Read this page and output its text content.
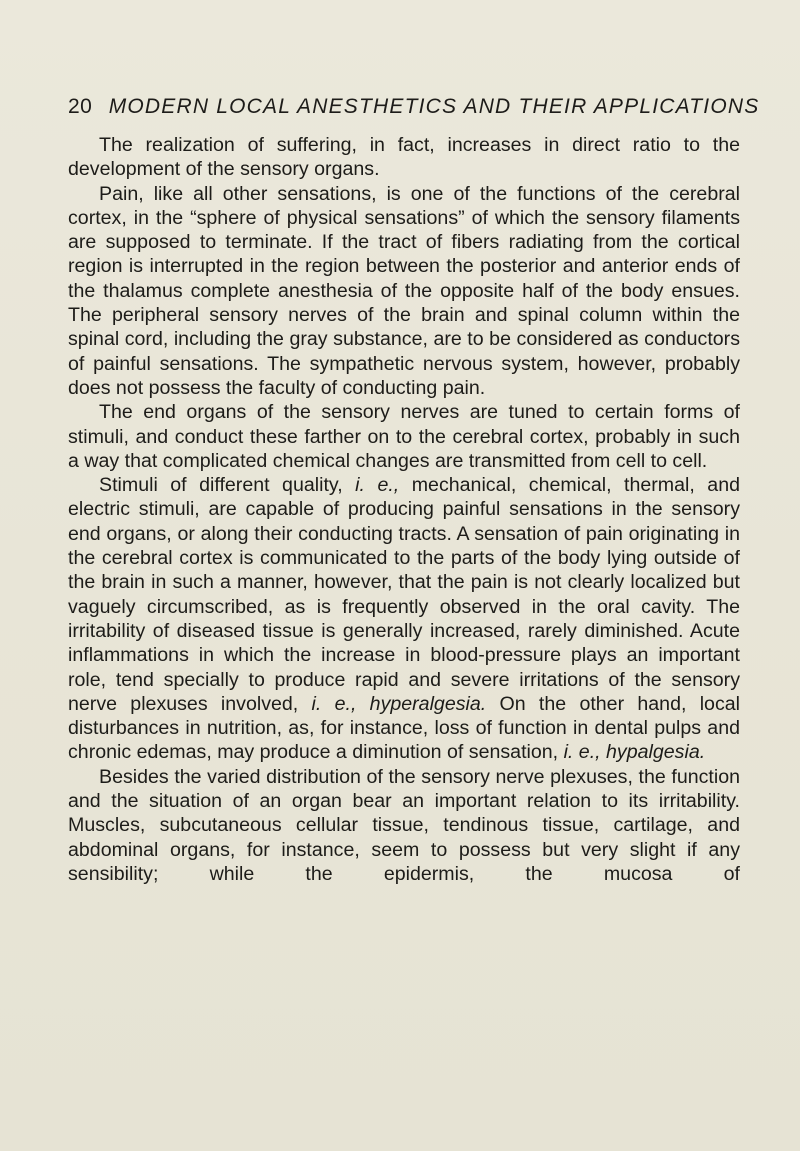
20 MODERN LOCAL ANESTHETICS AND THEIR APPLICATIONS

The realization of suffering, in fact, increases in direct ratio to the development of the sensory organs.

Pain, like all other sensations, is one of the functions of the cerebral cortex, in the “sphere of physical sensations” of which the sensory filaments are supposed to terminate. If the tract of fibers radiating from the cortical region is interrupted in the region between the posterior and anterior ends of the thalamus complete anesthesia of the opposite half of the body ensues. The peripheral sensory nerves of the brain and spinal column within the spinal cord, including the gray substance, are to be considered as conductors of painful sensations. The sympathetic nervous system, however, probably does not possess the faculty of conducting pain.

The end organs of the sensory nerves are tuned to certain forms of stimuli, and conduct these farther on to the cerebral cortex, probably in such a way that complicated chemical changes are transmitted from cell to cell.

Stimuli of different quality, i. e., mechanical, chemical, thermal, and electric stimuli, are capable of producing painful sensations in the sensory end organs, or along their conducting tracts. A sensation of pain originating in the cerebral cortex is communicated to the parts of the body lying outside of the brain in such a manner, however, that the pain is not clearly localized but vaguely circumscribed, as is frequently observed in the oral cavity. The irritability of diseased tissue is generally increased, rarely diminished. Acute inflammations in which the increase in blood-pressure plays an important role, tend specially to produce rapid and severe irritations of the sensory nerve plexuses involved, i. e., hyperalgesia. On the other hand, local disturbances in nutrition, as, for instance, loss of function in dental pulps and chronic edemas, may produce a diminution of sensation, i. e., hypalgesia.

Besides the varied distribution of the sensory nerve plexuses, the function and the situation of an organ bear an important relation to its irritability. Muscles, subcutaneous cellular tissue, tendinous tissue, cartilage, and abdominal organs, for instance, seem to possess but very slight if any sensibility; while the epidermis, the mucosa of
